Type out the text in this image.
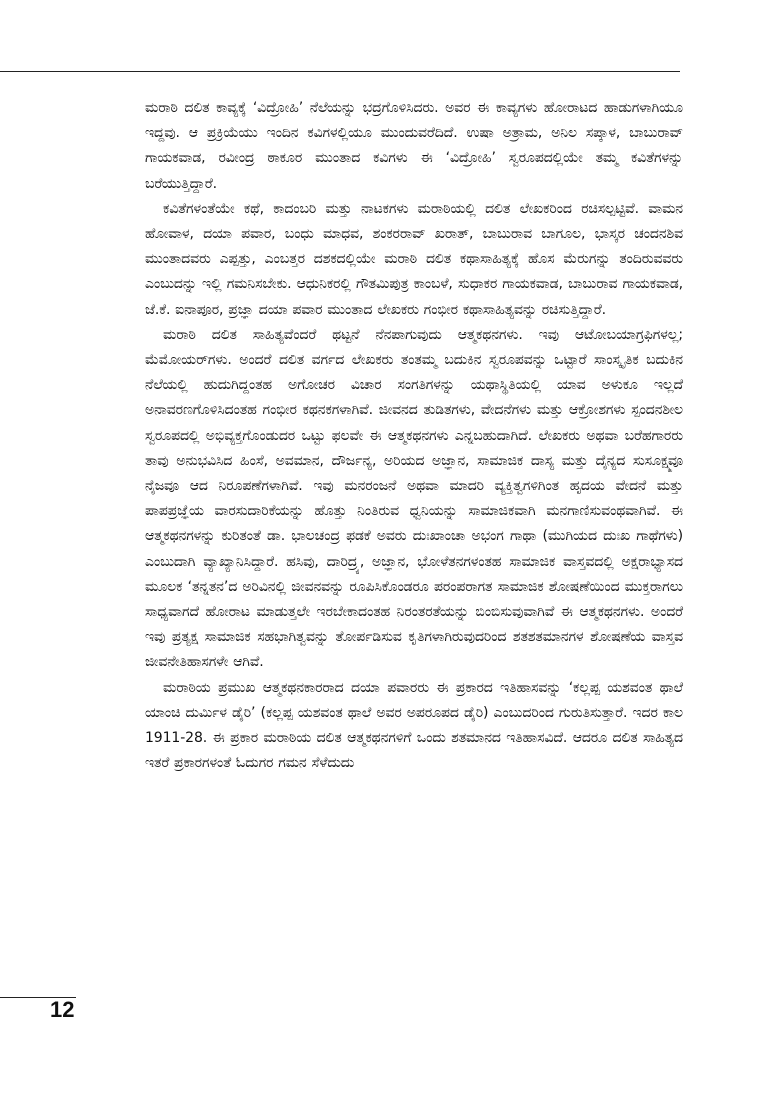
ಮರಾಠಿ ದಲಿತ ಕಾವ್ಯಕ್ಕೆ ‘ವಿದ್ರೋಹಿ’ ನೆಲೆಯನ್ನು ಭದ್ರಗೊಳಿಸಿದರು. ಅವರ ಈ ಕಾವ್ಯಗಳು ಹೋರಾಟದ ಹಾಡುಗಳಾಗಿಯೂ ಇದ್ದವು. ಆ ಪ್ರಕ್ರಿಯೆಯು ಇಂದಿನ ಕವಿಗಳಲ್ಲಿಯೂ ಮುಂದುವರೆದಿದೆ. ಉಷಾ ಅತ್ರಾಮ, ಅನಿಲ ಸಪ್ಕಾಳ, ಬಾಬುರಾವ್ ಗಾಯಕವಾಡ, ರವೀಂದ್ರ ಠಾಕೂರ ಮುಂತಾದ ಕವಿಗಳು ಈ ‘ವಿದ್ರೋಹಿ’ ಸ್ವರೂಪದಲ್ಲಿಯೇ ತಮ್ಮ ಕವಿತೆಗಳನ್ನು ಬರೆಯುತ್ತಿದ್ದಾರೆ.

ಕವಿತೆಗಳಂತೆಯೇ ಕಥೆ, ಕಾದಂಬರಿ ಮತ್ತು ನಾಟಕಗಳು ಮರಾಠಿಯಲ್ಲಿ ದಲಿತ ಲೇಖಕರಿಂದ ರಚಿಸಲ್ಪಟ್ಟಿವೆ. ವಾಮನ ಹೋವಾಳ, ದಯಾ ಪವಾರ, ಬಂಧು ಮಾಧವ, ಶಂಕರರಾವ್ ಖರಾತ್, ಬಾಬುರಾವ ಬಾಗೂಲ, ಭಾಸ್ಕರ ಚಂದನಶಿವ ಮುಂತಾದವರು ಎಪ್ಪತ್ತು, ಎಂಬತ್ತರ ದಶಕದಲ್ಲಿಯೇ ಮರಾಠಿ ದಲಿತ ಕಥಾಸಾಹಿತ್ಯಕ್ಕೆ ಹೊಸ ಮೆರುಗನ್ನು ತಂದಿರುವವರು ಎಂಬುದನ್ನು ಇಲ್ಲಿ ಗಮನಿಸಬೇಕು. ಆಧುನಿಕರಲ್ಲಿ ಗೌತಮಿಪುತ್ರ ಕಾಂಬಳೆ, ಸುಧಾಕರ ಗಾಯಕವಾಡ, ಬಾಬುರಾವ ಗಾಯಕವಾಡ, ಜೆ.ಕೆ. ಐನಾಪೂರ, ಪ್ರಜ್ಞಾ ದಯಾ ಪವಾರ ಮುಂತಾದ ಲೇಖಕರು ಗಂಭೀರ ಕಥಾಸಾಹಿತ್ಯವನ್ನು ರಚಿಸುತ್ತಿದ್ದಾರೆ.

ಮರಾಠಿ ದಲಿತ ಸಾಹಿತ್ಯವೆಂದರೆ ಥಟ್ಟನೆ ನೆನಪಾಗುವುದು ಆತ್ಮಕಥನಗಳು. ಇವು ಆಟೋಬಯಾಗ್ರಫಿಗಳಲ್ಲ; ಮೆಮೋಯರ್‌ಗಳು. ಅಂದರೆ ದಲಿತ ವರ್ಗದ ಲೇಖಕರು ತಂತಮ್ಮ ಬದುಕಿನ ಸ್ವರೂಪವನ್ನು ಒಟ್ಟಾರೆ ಸಾಂಸ್ಕೃತಿಕ ಬದುಕಿನ ನೆಲೆಯಲ್ಲಿ ಹುದುಗಿದ್ದಂತಹ ಅಗೋಚರ ವಿಚಾರ ಸಂಗತಿಗಳನ್ನು ಯಥಾಸ್ಥಿತಿಯಲ್ಲಿ ಯಾವ ಅಳುಕೂ ಇಲ್ಲದೆ ಅನಾವರಣಗೊಳಿಸಿದಂತಹ ಗಂಭೀರ ಕಥನಕಗಳಾಗಿವೆ. ಜೀವನದ ತುಡಿತಗಳು, ವೇದನೆಗಳು ಮತ್ತು ಆಕ್ರೋಶಗಳು ಸ್ಪಂದನಶೀಲ ಸ್ವರೂಪದಲ್ಲಿ ಅಭಿವ್ಯಕ್ತಗೊಂಡುದರ ಒಟ್ಟು ಫಲವೇ ಈ ಆತ್ಮಕಥನಗಳು ಎನ್ನಬಹುದಾಗಿದೆ. ಲೇಖಕರು ಅಥವಾ ಬರೆಹಗಾರರು ತಾವು ಅನುಭವಿಸಿದ ಹಿಂಸೆ, ಅವಮಾನ, ದೌರ್ಜನ್ಯ, ಅರಿಯದ ಅಜ್ಞಾನ, ಸಾಮಾಜಿಕ ದಾಸ್ಯ ಮತ್ತು ದೈನ್ಯದ ಸುಸೂಕ್ಷ್ಮವೂ ನೈಜವೂ ಆದ ನಿರೂಪಣೆಗಳಾಗಿವೆ. ಇವು ಮನರಂಜನೆ ಅಥವಾ ಮಾದರಿ ವ್ಯಕ್ತಿತ್ವಗಳಿಗಿಂತ ಹೃದಯ ವೇದನೆ ಮತ್ತು ಪಾಪಪ್ರಜ್ಞೆಯ ವಾರಸುದಾರಿಕೆಯನ್ನು ಹೊತ್ತು ನಿಂತಿರುವ ಧ್ವನಿಯನ್ನು ಸಾಮಾಜಿಕವಾಗಿ ಮನಗಾಣಿಸುವಂಥವಾಗಿವೆ. ಈ ಆತ್ಮಕಥನಗಳನ್ನು ಕುರಿತಂತೆ ಡಾ. ಭಾಲಚಂದ್ರ ಫಡಕೆ ಅವರು ದುಃಖಾಂಚಾ ಅಭಂಗ ಗಾಥಾ (ಮುಗಿಯದ ದುಃಖ ಗಾಥೆಗಳು) ಎಂಬುದಾಗಿ ವ್ಯಾಖ್ಯಾನಿಸಿದ್ದಾರೆ. ಹಸಿವು, ದಾರಿದ್ರ್ಯ, ಅಜ್ಞಾನ, ಭೋಳೆತನಗಳಂತಹ ಸಾಮಾಜಿಕ ವಾಸ್ತವದಲ್ಲಿ ಅಕ್ಷರಾಭ್ಯಾಸದ ಮೂಲಕ ‘ತನ್ನತನ’ದ ಅರಿವಿನಲ್ಲಿ ಜೀವನವನ್ನು ರೂಪಿಸಿಕೊಂಡರೂ ಪರಂಪರಾಗತ ಸಾಮಾಜಿಕ ಶೋಷಣೆಯಿಂದ ಮುಕ್ತರಾಗಲು ಸಾಧ್ಯವಾಗದೆ ಹೋರಾಟ ಮಾಡುತ್ತಲೇ ಇರಬೇಕಾದಂತಹ ನಿರಂತರತೆಯನ್ನು ಬಿಂಬಿಸುವುವಾಗಿವೆ ಈ ಆತ್ಮಕಥನಗಳು. ಅಂದರೆ ಇವು ಪ್ರತ್ಯಕ್ಷ ಸಾಮಾಜಿಕ ಸಹಭಾಗಿತ್ವವನ್ನು ತೋರ್ಪಡಿಸುವ ಕೃತಿಗಳಾಗಿರುವುದರಿಂದ ಶತಶತಮಾನಗಳ ಶೋಷಣೆಯ ವಾಸ್ತವ ಜೀವನೇತಿಹಾಸಗಳೇ ಆಗಿವೆ.

ಮರಾಠಿಯ ಪ್ರಮುಖ ಆತ್ಮಕಥನಕಾರರಾದ ದಯಾ ಪವಾರರು ಈ ಪ್ರಕಾರದ ಇತಿಹಾಸವನ್ನು ‘ಕಲ್ಲಪ್ಪ ಯಶವಂತ ಥಾಲೆ ಯಾಂಚಿ ದುರ್ಮಿಳ ಡೈರಿ’ (ಕಲ್ಲಪ್ಪ ಯಶವಂತ ಥಾಲೆ ಅವರ ಅಪರೂಪದ ಡೈರಿ) ಎಂಬುದರಿಂದ ಗುರುತಿಸುತ್ತಾರೆ. ಇದರ ಕಾಲ 1911-28. ಈ ಪ್ರಕಾರ ಮರಾಠಿಯ ದಲಿತ ಆತ್ಮಕಥನಗಳಿಗೆ ಒಂದು ಶತಮಾನದ ಇತಿಹಾಸವಿದೆ. ಆದರೂ ದಲಿತ ಸಾಹಿತ್ಯದ ಇತರೆ ಪ್ರಕಾರಗಳಂತೆ ಓದುಗರ ಗಮನ ಸೆಳೆದುದು

12
